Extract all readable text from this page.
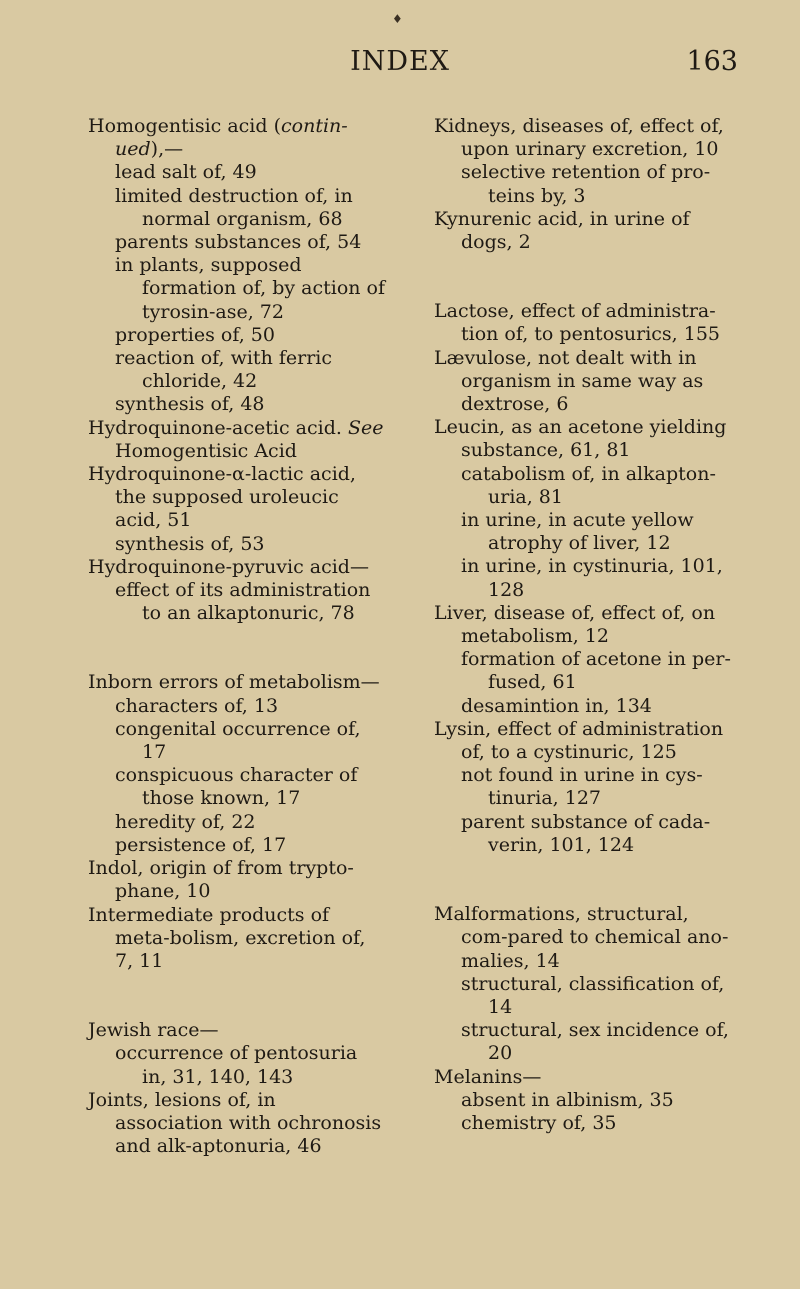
♦
INDEX	163
Homogentisic acid (contin-ued),—
lead salt of, 49
limited destruction of, in normal organism, 68
parents substances of, 54
in plants, supposed formation of, by action of tyrosin-ase, 72
properties of, 50
reaction of, with ferric chloride, 42
synthesis of, 48
Hydroquinone-acetic acid. See Homogentisic Acid
Hydroquinone-α-lactic acid, the supposed uroleucic acid, 51
synthesis of, 53
Hydroquinone-pyruvic acid—
effect of its administration to an alkaptonuric, 78
Inborn errors of metabolism—
characters of, 13
congenital occurrence of, 17
conspicuous character of those known, 17
heredity of, 22
persistence of, 17
Indol, origin of from trypto-phane, 10
Intermediate products of meta-bolism, excretion of, 7, 11
Jewish race—
occurrence of pentosuria in, 31, 140, 143
Joints, lesions of, in association with ochronosis and alk-aptonuria, 46
Kidneys, diseases of, effect of, upon urinary excretion, 10
selective retention of pro-teins by, 3
Kynurenic acid, in urine of dogs, 2
Lactose, effect of administra-tion of, to pentosurics, 155
Lævulose, not dealt with in organism in same way as dextrose, 6
Leucin, as an acetone yielding substance, 61, 81
catabolism of, in alkapton-uria, 81
in urine, in acute yellow atrophy of liver, 12
in urine, in cystinuria, 101, 128
Liver, disease of, effect of, on metabolism, 12
formation of acetone in per-fused, 61
desamintion in, 134
Lysin, effect of administration of, to a cystinuric, 125
not found in urine in cys-tinuria, 127
parent substance of cada-verin, 101, 124
Malformations, structural, com-pared to chemical ano-malies, 14
structural, classification of, 14
structural, sex incidence of, 20
Melanins—
absent in albinism, 35
chemistry of, 35
